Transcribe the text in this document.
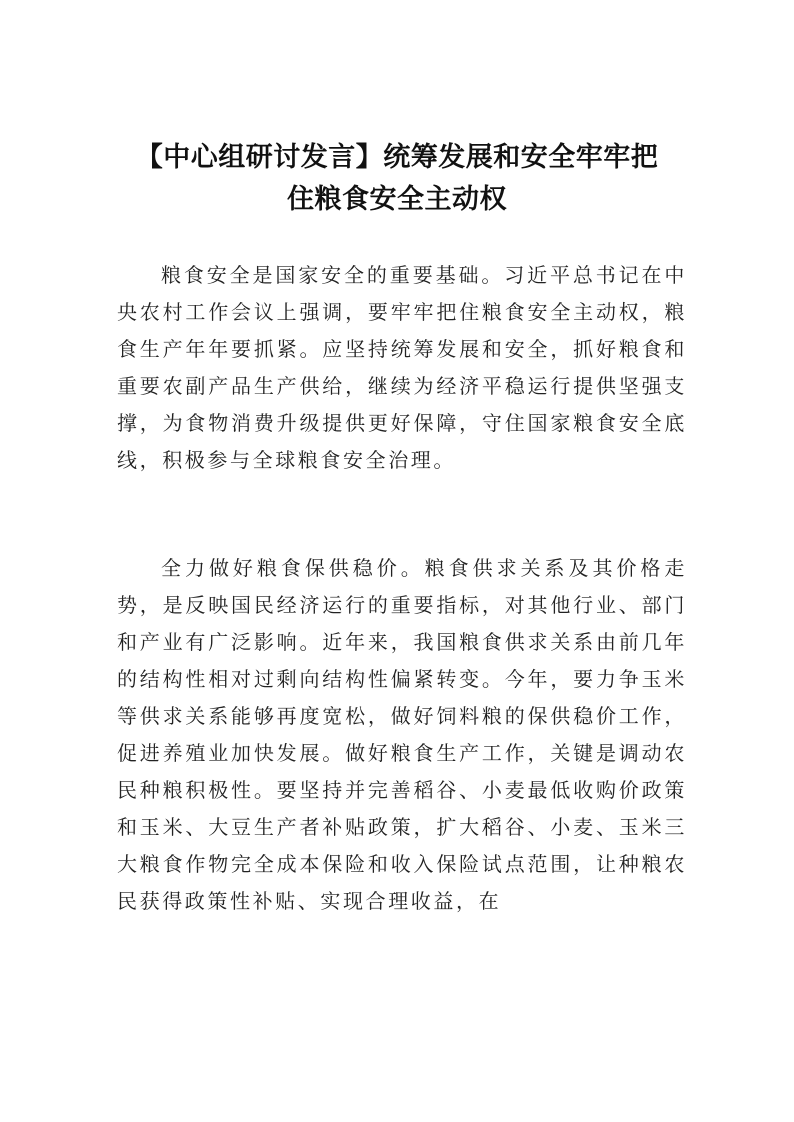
【中心组研讨发言】统筹发展和安全牢牢把
住粮食安全主动权

粮食安全是国家安全的重要基础。习近平总书记在中央农村工作会议上强调，要牢牢把住粮食安全主动权，粮食生产年年要抓紧。应坚持统筹发展和安全，抓好粮食和重要农副产品生产供给，继续为经济平稳运行提供坚强支撑，为食物消费升级提供更好保障，守住国家粮食安全底线，积极参与全球粮食安全治理。

全力做好粮食保供稳价。粮食供求关系及其价格走势，是反映国民经济运行的重要指标，对其他行业、部门和产业有广泛影响。近年来，我国粮食供求关系由前几年的结构性相对过剩向结构性偏紧转变。今年，要力争玉米等供求关系能够再度宽松，做好饲料粮的保供稳价工作，促进养殖业加快发展。做好粮食生产工作，关键是调动农民种粮积极性。要坚持并完善稻谷、小麦最低收购价政策和玉米、大豆生产者补贴政策，扩大稻谷、小麦、玉米三大粮食作物完全成本保险和收入保险试点范围，让种粮农民获得政策性补贴、实现合理收益，在
